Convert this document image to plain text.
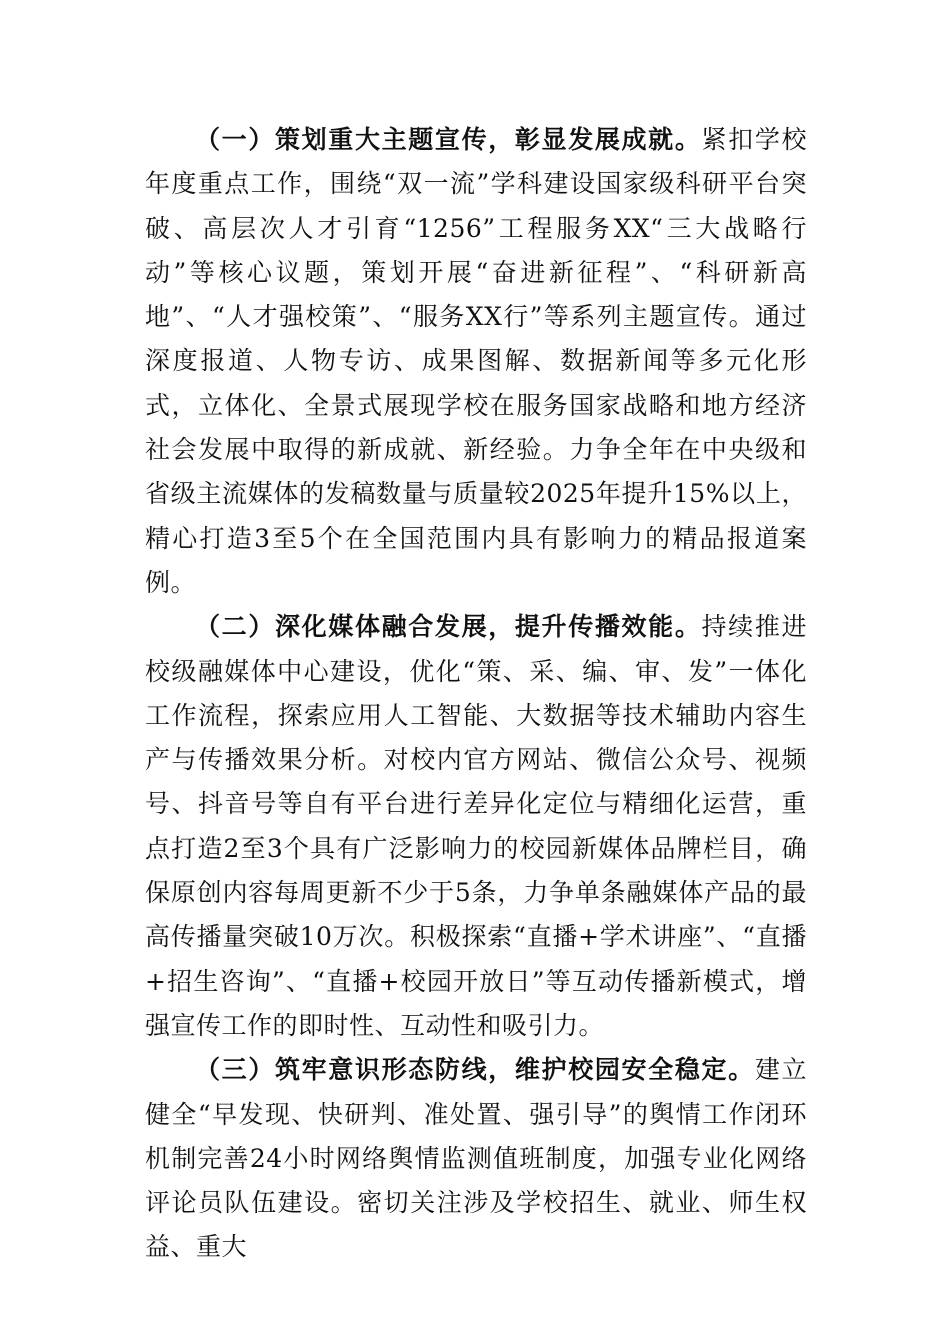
（一）策划重大主题宣传，彰显发展成就。紧扣学校年度重点工作，围绕“双一流”学科建设国家级科研平台突破、高层次人才引育“1256”工程服务XX“三大战略行动”等核心议题，策划开展“奋进新征程”、“科研新高地”、“人才强校策”、“服务XX行”等系列主题宣传。通过深度报道、人物专访、成果图解、数据新闻等多元化形式，立体化、全景式展现学校在服务国家战略和地方经济社会发展中取得的新成就、新经验。力争全年在中央级和省级主流媒体的发稿数量与质量较2025年提升15%以上，精心打造3至5个在全国范围内具有影响力的精品报道案例。

（二）深化媒体融合发展，提升传播效能。持续推进校级融媒体中心建设，优化“策、采、编、审、发”一体化工作流程，探索应用人工智能、大数据等技术辅助内容生产与传播效果分析。对校内官方网站、微信公众号、视频号、抖音号等自有平台进行差异化定位与精细化运营，重点打造2至3个具有广泛影响力的校园新媒体品牌栏目，确保原创内容每周更新不少于5条，力争单条融媒体产品的最高传播量突破10万次。积极探索“直播+学术讲座”、“直播+招生咨询”、“直播+校园开放日”等互动传播新模式，增强宣传工作的即时性、互动性和吸引力。

（三）筑牢意识形态防线，维护校园安全稳定。建立健全“早发现、快研判、准处置、强引导”的舆情工作闭环机制完善24小时网络舆情监测值班制度，加强专业化网络评论员队伍建设。密切关注涉及学校招生、就业、师生权益、重大
